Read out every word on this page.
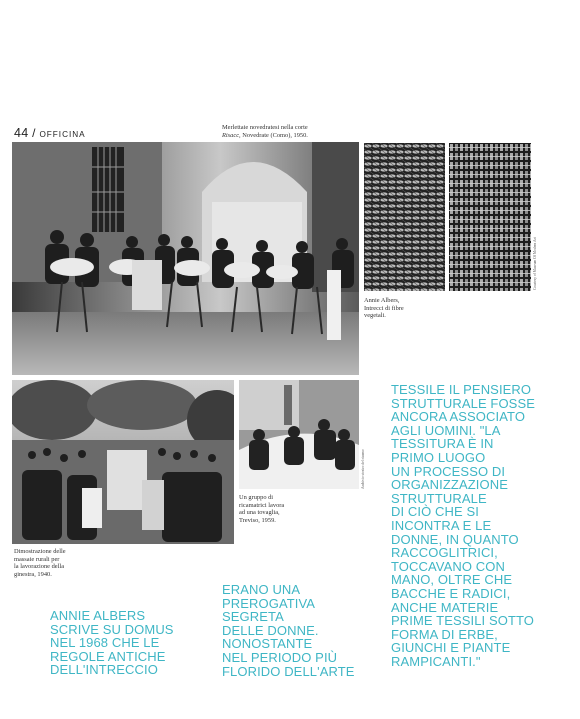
44 / OFFICINA
Merlettaie novedratesi nella corte
Risacc, Novedrate (Como), 1950.
Courtesy of Museum Of Modern Art
Annie Albers,
Intrecci di fibre
vegetali.
Dimostrazione delle
massaie rurali per
la lavorazione della
ginestra, 1940.
Archivio storico del ricamo
Un gruppo di
ricamatrici lavora
ad una tovaglia,
Treviso, 1959.
ANNIE ALBERS
SCRIVE SU DOMUS
NEL 1968 CHE LE
REGOLE ANTICHE
DELL'INTRECCIO
ERANO UNA
PREROGATIVA
SEGRETA
DELLE DONNE.
NONOSTANTE
NEL PERIODO PIÙ
FLORIDO DELL'ARTE
TESSILE IL PENSIERO
STRUTTURALE FOSSE
ANCORA ASSOCIATO
AGLI UOMINI. "LA
TESSITURA È IN
PRIMO LUOGO
UN PROCESSO DI
ORGANIZZAZIONE
STRUTTURALE
DI CIÒ CHE SI
INCONTRA E LE
DONNE, IN QUANTO
RACCOGLITRICI,
TOCCAVANO CON
MANO, OLTRE CHE
BACCHE E RADICI,
ANCHE MATERIE
PRIME TESSILI SOTTO
FORMA DI ERBE,
GIUNCHI E PIANTE
RAMPICANTI."
